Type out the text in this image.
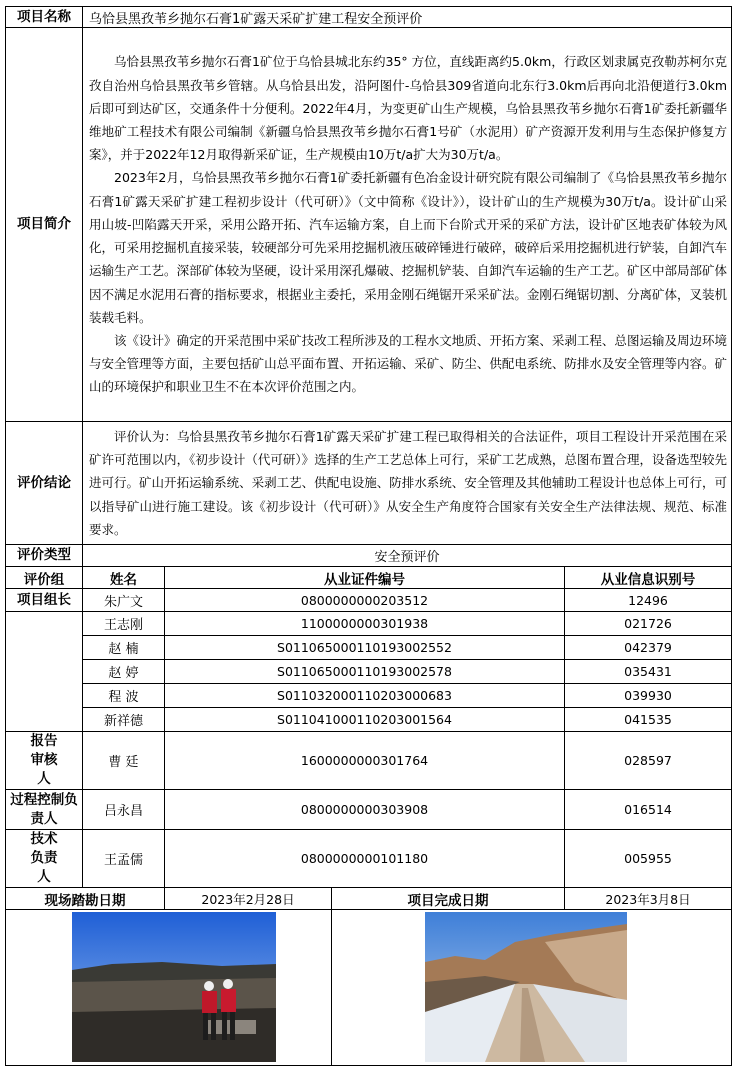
项目名称	乌恰县黑孜苇乡抛尔石膏1矿露天采矿扩建工程安全预评价			
项目简介	乌恰县黑孜苇乡抛尔石膏1矿位于乌恰县城北东约35° 方位，直线距离约5.0km，行政区划隶属克孜勒苏柯尔克孜自治州乌恰县黑孜苇乡管辖。从乌恰县出发，沿阿图什-乌恰县309省道向北东行3.0km后再向北沿便道行3.0km后即可到达矿区，交通条件十分便利。2022年4月，为变更矿山生产规模，乌恰县黑孜苇乡抛尔石膏1矿委托新疆华维地矿工程技术有限公司编制《新疆乌恰县黑孜苇乡抛尔石膏1号矿（水泥用）矿产资源开发利用与生态保护修复方案》，并于2022年12月取得新采矿证，生产规模由10万t/a扩大为30万t/a。

2023年2月，乌恰县黑孜苇乡抛尔石膏1矿委托新疆有色冶金设计研究院有限公司编制了《乌恰县黑孜苇乡抛尔石膏1矿露天采矿扩建工程初步设计（代可研）》（文中简称《设计》），设计矿山的生产规模为30万t/a。设计矿山采用山坡-凹陷露天开采，采用公路开拓、汽车运输方案，自上而下台阶式开采的采矿方法，设计矿区地表矿体较为风化，可采用挖掘机直接采装，较硬部分可先采用挖掘机液压破碎锤进行破碎，破碎后采用挖掘机进行铲装，自卸汽车运输生产工艺。深部矿体较为坚硬，设计采用深孔爆破、挖掘机铲装、自卸汽车运输的生产工艺。矿区中部局部矿体因不满足水泥用石膏的指标要求，根据业主委托，采用金刚石绳锯开采采矿法。金刚石绳锯切割、分离矿体，叉装机装载毛料。

该《设计》确定的开采范围中采矿技改工程所涉及的工程水文地质、开拓方案、采剥工程、总图运输及周边环境与安全管理等方面，主要包括矿山总平面布置、开拓运输、采矿、防尘、供配电系统、防排水及安全管理等内容。矿山的环境保护和职业卫生不在本次评价范围之内。			

评价结论	评价认为：乌恰县黑孜苇乡抛尔石膏1矿露天采矿扩建工程已取得相关的合法证件，项目工程设计开采范围在采矿许可范围以内，《初步设计（代可研）》选择的生产工艺总体上可行，采矿工艺成熟，总图布置合理，设备选型较先进可行。矿山开拓运输系统、采剥工艺、供配电设施、防排水系统、安全管理及其他辅助工程设计也总体上可行，可以指导矿山进行施工建设。该《初步设计（代可研）》从安全生产角度符合国家有关安全生产法律法规、规范、标准要求。			

评价类型	安全预评价			
评价组	姓名	从业证件编号		从业信息识别号
项目组长	朱广文	0800000000203512		12496
	王志刚	1100000000301938		021726
	赵 楠	S011065000110193002552		042379
	赵 婷	S011065000110193002578		035431
	程 波	S011032000110203000683		039930
	新祥德	S011041000110203001564		041535
报告审核人	曹 廷	1600000000301764		028597
过程控制负责人	吕永昌	0800000000303908		016514
技术负责人	王孟儒	0800000000101180		005955
现场踏勘日期		2023年2月28日	项目完成日期	2023年3月8日
